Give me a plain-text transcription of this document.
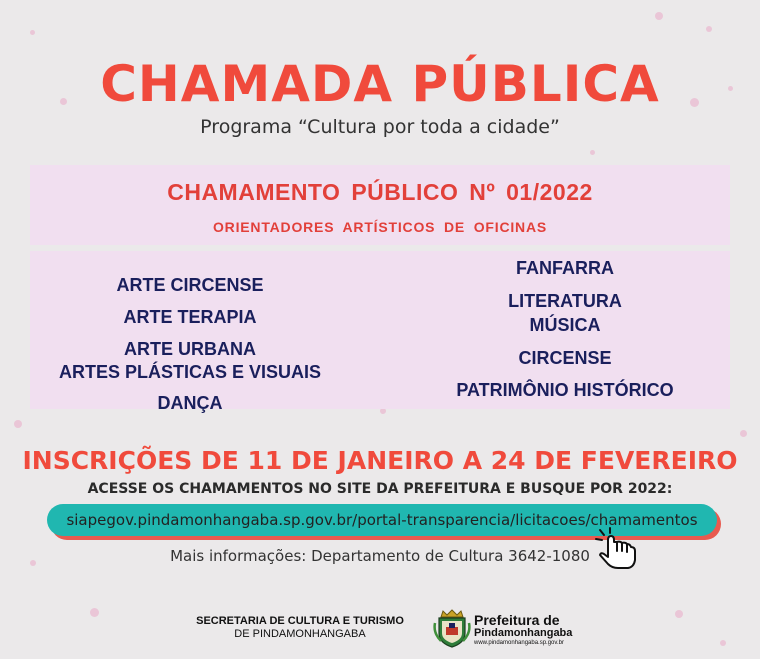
CHAMADA PÚBLICA
Programa “Cultura por toda a cidade”
CHAMAMENTO PÚBLICO Nº 01/2022
ORIENTADORES ARTÍSTICOS DE OFICINAS
ARTE CIRCENSE
ARTE TERAPIA
ARTE URBANA
ARTES PLÁSTICAS E VISUAIS
DANÇA
FANFARRA
LITERATURA
MÚSICA
CIRCENSE
PATRIMÔNIO HISTÓRICO
INSCRIÇÕES DE 11 DE JANEIRO A 24 DE FEVEREIRO
ACESSE OS CHAMAMENTOS NO SITE DA PREFEITURA E BUSQUE POR 2022:
siapegov.pindamonhangaba.sp.gov.br/portal-transparencia/licitacoes/chamamentos
Mais informações: Departamento de Cultura 3642-1080
SECRETARIA DE CULTURA E TURISMO
DE PINDAMONHANGABA
Prefeitura de
Pindamonhangaba
www.pindamonhangaba.sp.gov.br
